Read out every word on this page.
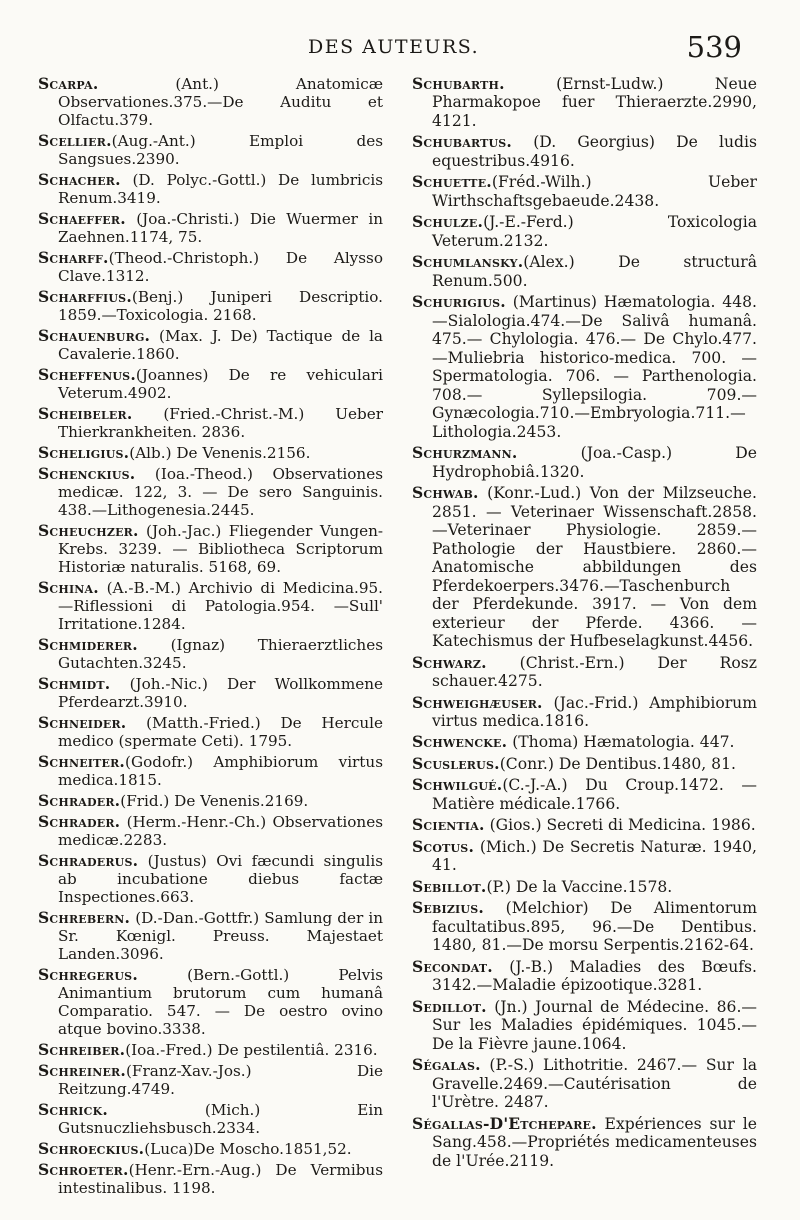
DES AUTEURS.	539

Scarpa. (Ant.) Anatomicæ Observationes.375.—De Auditu et Olfactu.379.

Scellier.(Aug.-Ant.) Emploi des Sangsues.2390.

Schacher. (D. Polyc.-Gottl.) De lumbricis Renum.3419.

Schaeffer. (Joa.-Christi.) Die Wuermer in Zaehnen.1174, 75.

Scharff.(Theod.-Christoph.) De Alysso Clave.1312.

Scharffius.(Benj.) Juniperi Descriptio. 1859.—Toxicologia. 2168.

Schauenburg. (Max. J. De) Tactique de la Cavalerie.1860.

Scheffenus.(Joannes) De re vehiculari Veterum.4902.

Scheibeler. (Fried.-Christ.-M.) Ueber Thierkrankheiten. 2836.

Scheligius.(Alb.) De Venenis.2156.

Schenckius. (Ioa.-Theod.) Observationes medicæ. 122, 3. — De sero Sanguinis. 438.—Lithogenesia.2445.

Scheuchzer. (Joh.-Jac.) Fliegender Vungen-Krebs. 3239. — Bibliotheca Scriptorum Historiæ naturalis. 5168, 69.

Schina. (A.-B.-M.) Archivio di Medicina.95.—Riflessioni di Patologia.954. —Sull' Irritatione.1284.

Schmiderer. (Ignaz) Thieraerztliches Gutachten.3245.

Schmidt. (Joh.-Nic.) Der Wollkommene Pferdearzt.3910.

Schneider. (Matth.-Fried.) De Hercule medico (spermate Ceti). 1795.

Schneiter.(Godofr.) Amphibiorum virtus medica.1815.

Schrader.(Frid.) De Venenis.2169.

Schrader. (Herm.-Henr.-Ch.) Observationes medicæ.2283.

Schraderus. (Justus) Ovi fæcundi singulis ab incubatione diebus factæ Inspectiones.663.

Schrebern. (D.-Dan.-Gottfr.) Samlung der in Sr. Kœnigl. Preuss. Majestaet Landen.3096.

Schregerus. (Bern.-Gottl.) Pelvis Animantium brutorum cum humanâ Comparatio. 547. — De oestro ovino atque bovino.3338.

Schreiber.(Ioa.-Fred.) De pestilentiâ. 2316.

Schreiner.(Franz-Xav.-Jos.) Die Reitzung.4749.

Schrick. (Mich.) Ein Gutsnuczliehsbusch.2334.

Schroeckius.(Luca)De Moscho.1851,52.

Schroeter.(Henr.-Ern.-Aug.) De Vermibus intestinalibus. 1198.

Schubarth. (Ernst-Ludw.) Neue Pharmakopoe fuer Thieraerzte.2990, 4121.

Schubartus. (D. Georgius) De ludis equestribus.4916.

Schuette.(Fréd.-Wilh.) Ueber Wirthschaftsgebaeude.2438.

Schulze.(J.-E.-Ferd.) Toxicologia Veterum.2132.

Schumlansky.(Alex.) De structurâ Renum.500.

Schurigius. (Martinus) Hæmatologia. 448.—Sialologia.474.—De Salivâ humanâ. 475.— Chylologia. 476.— De Chylo.477.—Muliebria historico-medica. 700. — Spermatologia. 706. — Parthenologia. 708.— Syllepsilogia. 709.—Gynæcologia.710.—Embryologia.711.—Lithologia.2453.

Schurzmann. (Joa.-Casp.) De Hydrophobiâ.1320.

Schwab. (Konr.-Lud.) Von der Milzseuche. 2851. — Veterinaer Wissenschaft.2858.—Veterinaer Physiologie. 2859.— Pathologie der Haustbiere. 2860.—Anatomische abbildungen des Pferdekoerpers.3476.—Taschenburch der Pferdekunde. 3917. — Von dem exterieur der Pferde. 4366. — Katechismus der Hufbeselagkunst.4456.

Schwarz. (Christ.-Ern.) Der Rosz schauer.4275.

Schweighæuser. (Jac.-Frid.) Amphibiorum virtus medica.1816.

Schwencke. (Thoma) Hæmatologia. 447.

Scuslerus.(Conr.) De Dentibus.1480, 81.

Schwilgué.(C.-J.-A.) Du Croup.1472. — Matière médicale.1766.

Scientia. (Gios.) Secreti di Medicina. 1986.

Scotus. (Mich.) De Secretis Naturæ. 1940, 41.

Sebillot.(P.) De la Vaccine.1578.

Sebizius. (Melchior) De Alimentorum facultatibus.895, 96.—De Dentibus. 1480, 81.—De morsu Serpentis.2162-64.

Secondat. (J.-B.) Maladies des Bœufs. 3142.—Maladie épizootique.3281.

Sedillot. (Jn.) Journal de Médecine. 86.— Sur les Maladies épidémiques. 1045.—De la Fièvre jaune.1064.

Ségalas. (P.-S.) Lithotritie. 2467.— Sur la Gravelle.2469.—Cautérisation de l'Urètre. 2487.

Ségallas-D'Etchepare. Expériences sur le Sang.458.—Propriétés medicamenteuses de l'Urée.2119.
